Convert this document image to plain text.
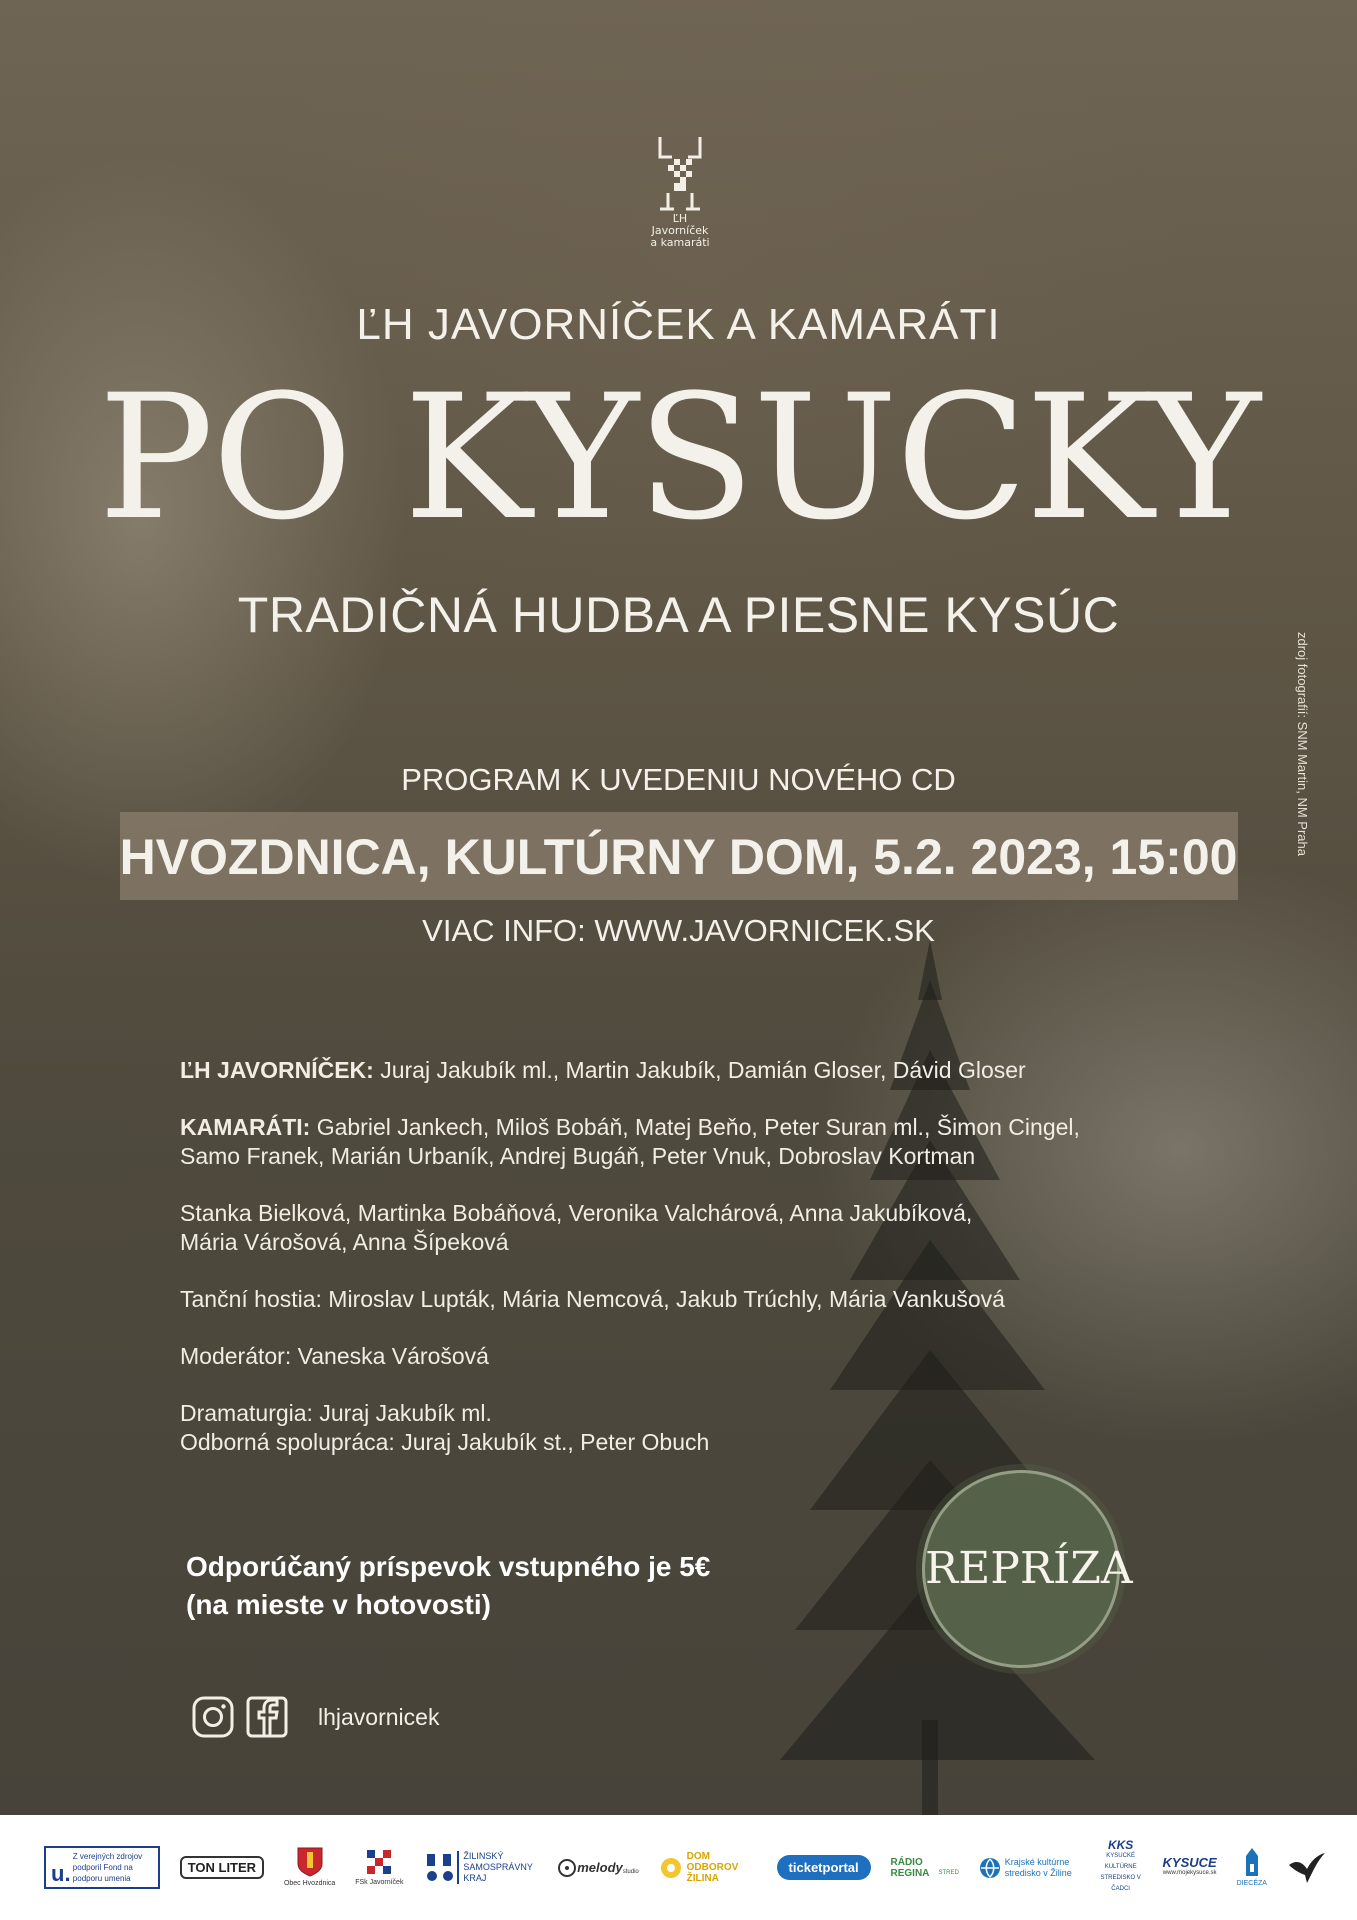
ĽH
Javorníček
a kamaráti
ĽH JAVORNÍČEK A KAMARÁTI
PO KYSUCKY
TRADIČNÁ HUDBA A PIESNE KYSÚC
PROGRAM K UVEDENIU NOVÉHO CD
HVOZDNICA, KULTÚRNY DOM, 5.2. 2023, 15:00
VIAC INFO: WWW.JAVORNICEK.SK
zdroj fotografií: SNM Martin, NM Praha

ĽH JAVORNÍČEK: Juraj Jakubík ml., Martin Jakubík, Damián Gloser, Dávid Gloser

KAMARÁTI: Gabriel Jankech, Miloš Bobáň, Matej Beňo, Peter Suran ml., Šimon Cingel,
Samo Franek, Marián Urbaník, Andrej Bugáň, Peter Vnuk, Dobroslav Kortman

Stanka Bielková, Martinka Bobáňová, Veronika Valchárová, Anna Jakubíková,
Mária Várošová, Anna Šípeková

Tanční hostia: Miroslav Lupták, Mária Nemcová, Jakub Trúchly, Mária Vankušová

Moderátor: Vaneska Várošová

Dramaturgia: Juraj Jakubík ml.
Odborná spolupráca: Juraj Jakubík st., Peter Obuch

Odporúčaný príspevok vstupného je 5€
(na mieste v hotovosti)
REPRÍZA
lhjavornicek
u. Z verejných zdrojov podporil Fond na podporu umenia
TON LITER
Obec Hvozdnica	FSk Javorníček
ŽILINSKÝ SAMOSPRÁVNY KRAJ
melody studio
DOM ODBOROV ŽILINA
ticketportal	RÁDIO REGINA	STRED
Krajské kultúrne stredisko v Žiline
KKS
KYSUCKÉ KULTÚRNE STREDISKO V ČADCI
KYSUCE
www.mojekysuce.sk
DIECÉZA
